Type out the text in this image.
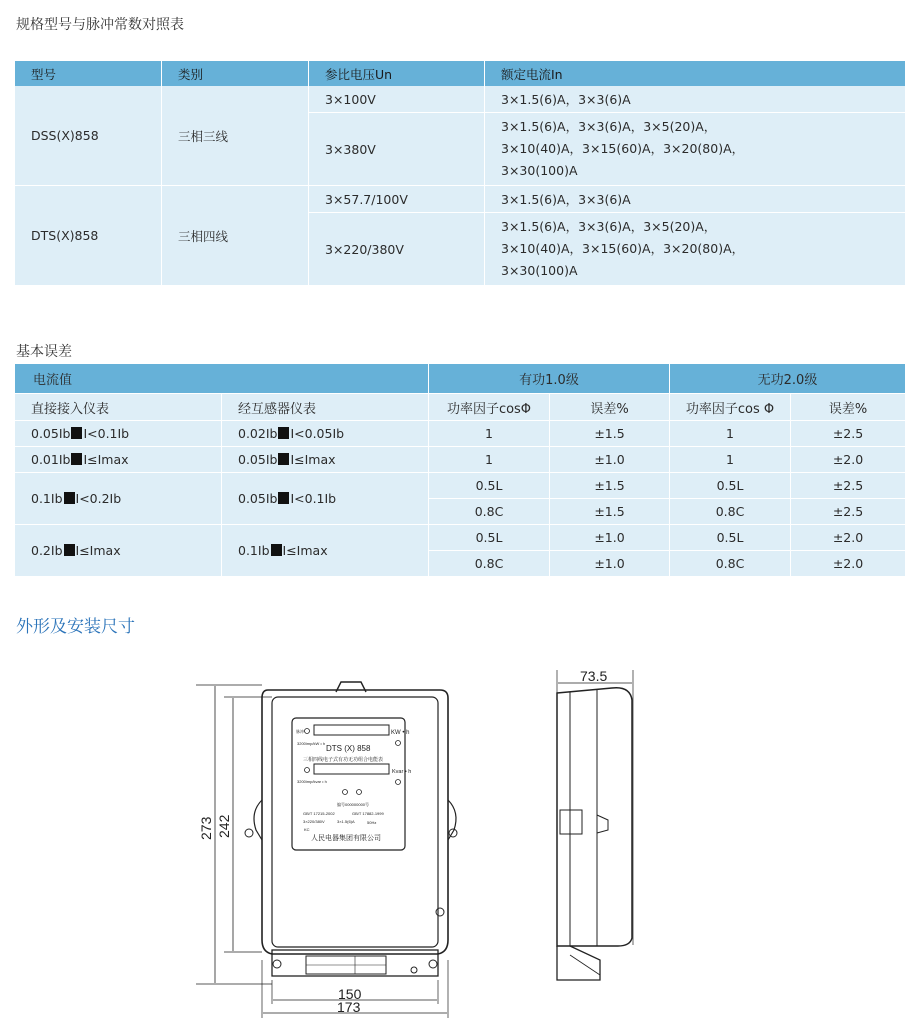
规格型号与脉冲常数对照表
型号	类别	参比电压Un	额定电流In
DSS(X)858	三相三线	3×100V	3×1.5(6)A，3×3(6)A
		3×380V	3×1.5(6)A，3×3(6)A，3×5(20)A，
3×10(40)A，3×15(60)A，3×20(80)A，
3×30(100)A

DTS(X)858	三相四线	3×57.7/100V	3×1.5(6)A，3×3(6)A
		3×220/380V	3×1.5(6)A，3×3(6)A，3×5(20)A，
3×10(40)A，3×15(60)A，3×20(80)A，
3×30(100)A
基本误差
电流值		有功1.0级		无功2.0级	
直接接入仪表	经互感器仪表	功率因子cosΦ	误差%	功率因子cos Φ	误差%
0.05Ib I<0.1Ib	0.02Ib I<0.05Ib	1	±1.5	1	±2.5
0.01Ib I≤Imax	0.05Ib I≤Imax	1	±1.0	1	±2.0
0.1Ib I<0.2Ib	0.05Ib I<0.1Ib	0.5L	±1.5	0.5L	±2.5
		0.8C	±1.5	0.8C	±2.5
0.2Ib I≤Imax	0.1Ib I≤Imax	0.5L	±1.0	0.5L	±2.0
		0.8C	±1.0	0.8C	±2.0
外形及安装尺寸
KW • h
脉冲
3200imp/kW • h
DTS (X) 858
三相四线电子式有功无功组合电能表
Kvar • h
3200imp/kvar • h
编号000000000号
GB/T 17215-2002	GB/T 17882-1999
3×220/380V	3×1.5(6)A	50Hz
KC
人民电器集团有限公司
273 242
150
173
73.5
